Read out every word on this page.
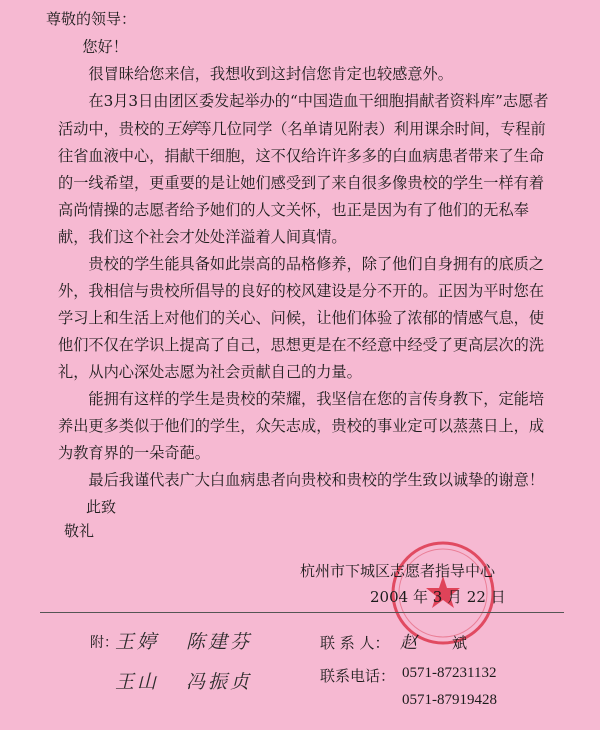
尊敬的领导：

您好！

很冒昧给您来信，我想收到这封信您肯定也较感意外。

在3月3日由团区委发起举办的“中国造血干细胞捐献者资料库”志愿者活动中，贵校的王婷等几位同学（名单请见附表）利用课余时间，专程前往省血液中心，捐献干细胞，这不仅给许许多多的白血病患者带来了生命的一线希望，更重要的是让她们感受到了来自很多像贵校的学生一样有着高尚情操的志愿者给予她们的人文关怀，也正是因为有了他们的无私奉献，我们这个社会才处处洋溢着人间真情。

贵校的学生能具备如此崇高的品格修养，除了他们自身拥有的底质之外，我相信与贵校所倡导的良好的校风建设是分不开的。正因为平时您在学习上和生活上对他们的关心、问候，让他们体验了浓郁的情感气息，使他们不仅在学识上提高了自己，思想更是在不经意中经受了更高层次的洗礼，从内心深处志愿为社会贡献自己的力量。

能拥有这样的学生是贵校的荣耀，我坚信在您的言传身教下，定能培养出更多类似于他们的学生，众矢志成，贵校的事业定可以蒸蒸日上，成为教育界的一朵奇葩。

最后我谨代表广大白血病患者向贵校和贵校的学生致以诚挚的谢意！

此致
敬礼
杭州市下城区志愿者指导中心
2004 年 3 月 22 日
附：
王婷 陈建芬
王山 冯振贞
联 系 人： 赵 斌
联系电话： 0571-87231132
0571-87919428
